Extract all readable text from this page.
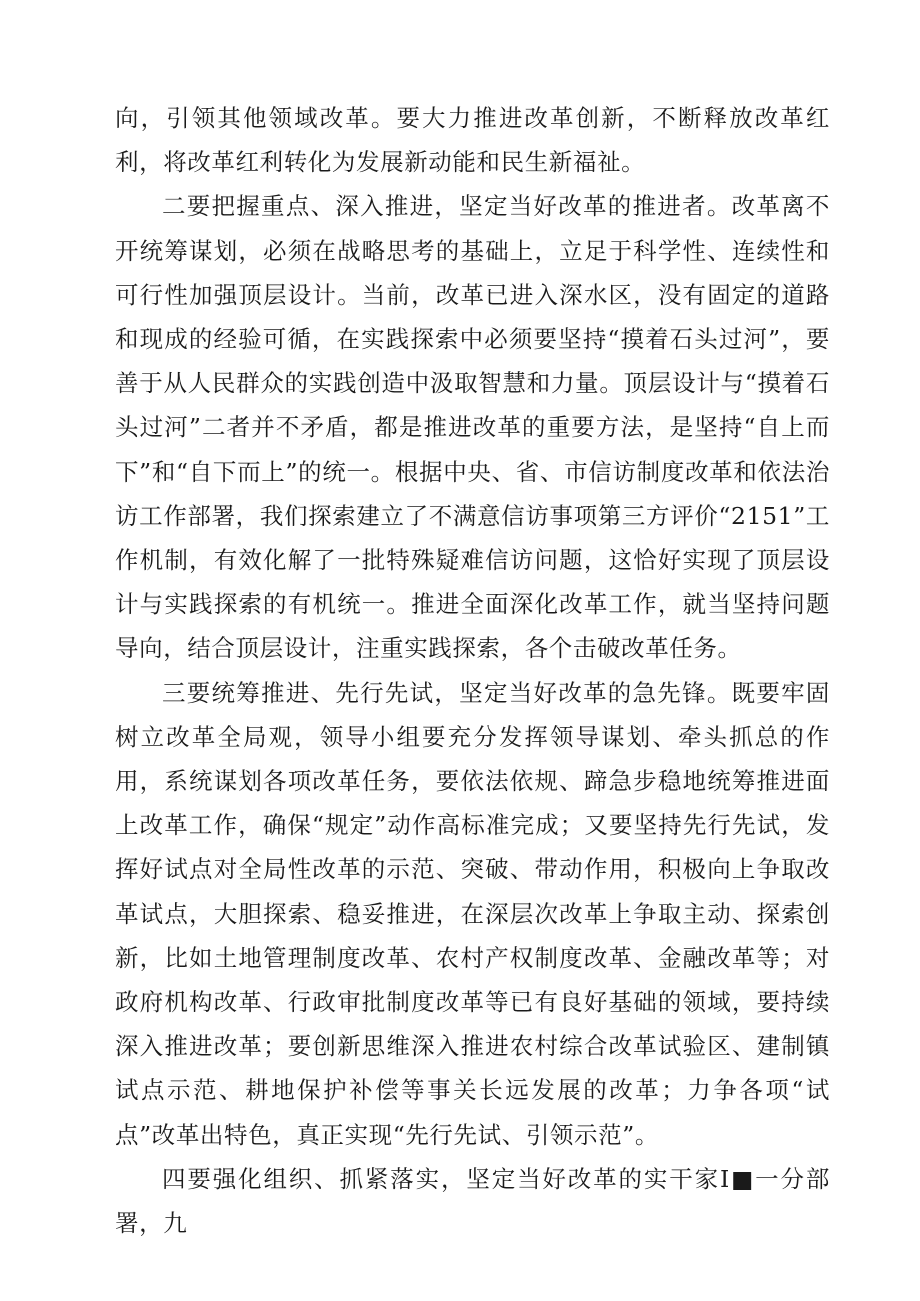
向，引领其他领域改革。要大力推进改革创新，不断释放改革红利，将改革红利转化为发展新动能和民生新福祉。

二要把握重点、深入推进，坚定当好改革的推进者。改革离不开统筹谋划，必须在战略思考的基础上，立足于科学性、连续性和可行性加强顶层设计。当前，改革已进入深水区，没有固定的道路和现成的经验可循，在实践探索中必须要坚持“摸着石头过河”，要善于从人民群众的实践创造中汲取智慧和力量。顶层设计与“摸着石头过河”二者并不矛盾，都是推进改革的重要方法，是坚持“自上而下”和“自下而上”的统一。根据中央、省、市信访制度改革和依法治访工作部署，我们探索建立了不满意信访事项第三方评价“2151”工作机制，有效化解了一批特殊疑难信访问题，这恰好实现了顶层设计与实践探索的有机统一。推进全面深化改革工作，就当坚持问题导向，结合顶层设计，注重实践探索，各个击破改革任务。

三要统筹推进、先行先试，坚定当好改革的急先锋。既要牢固树立改革全局观，领导小组要充分发挥领导谋划、牵头抓总的作用，系统谋划各项改革任务，要依法依规、蹄急步稳地统筹推进面上改革工作，确保“规定”动作高标准完成；又要坚持先行先试，发挥好试点对全局性改革的示范、突破、带动作用，积极向上争取改革试点，大胆探索、稳妥推进，在深层次改革上争取主动、探索创新，比如土地管理制度改革、农村产权制度改革、金融改革等；对政府机构改革、行政审批制度改革等已有良好基础的领域，要持续深入推进改革；要创新思维深入推进农村综合改革试验区、建制镇试点示范、耕地保护补偿等事关长远发展的改革；力争各项“试点”改革出特色，真正实现“先行先试、引领示范”。

四要强化组织、抓紧落实，坚定当好改革的实干家I■一分部署，九
